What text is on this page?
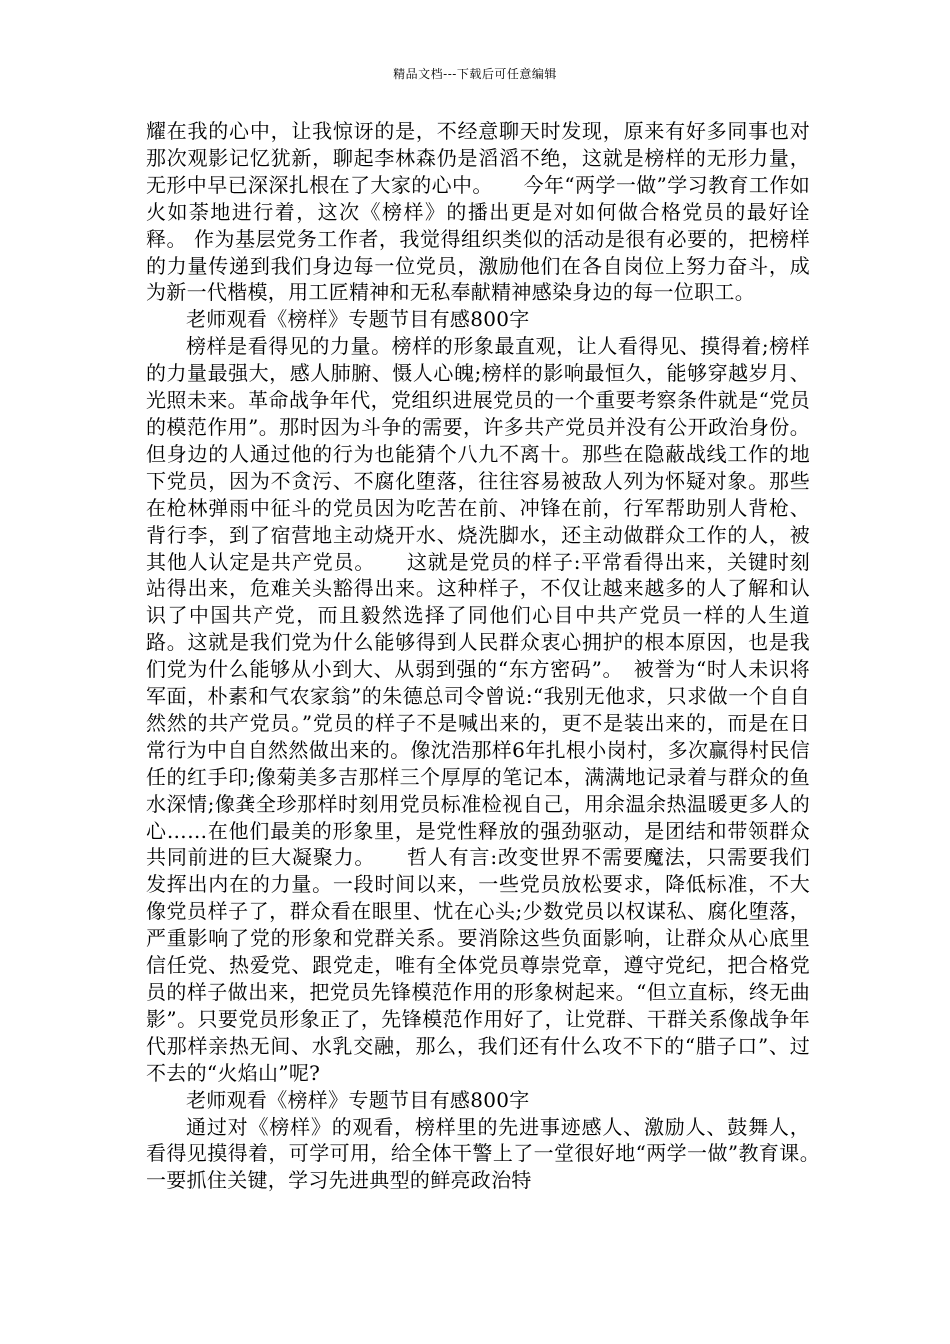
精品文档---下载后可任意编辑

耀在我的心中，让我惊讶的是，不经意聊天时发现，原来有好多同事也对那次观影记忆犹新，聊起李林森仍是滔滔不绝，这就是榜样的无形力量，无形中早已深深扎根在了大家的心中。　　今年“两学一做”学习教育工作如火如荼地进行着，这次《榜样》的播出更是对如何做合格党员的最好诠释。 作为基层党务工作者，我觉得组织类似的活动是很有必要的，把榜样的力量传递到我们身边每一位党员，激励他们在各自岗位上努力奋斗，成为新一代楷模，用工匠精神和无私奉献精神感染身边的每一位职工。

老师观看《榜样》专题节目有感800字

榜样是看得见的力量。榜样的形象最直观，让人看得见、摸得着;榜样的力量最强大，感人肺腑、慑人心魄;榜样的影响最恒久，能够穿越岁月、光照未来。革命战争年代，党组织进展党员的一个重要考察条件就是“党员的模范作用”。那时因为斗争的需要，许多共产党员并没有公开政治身份。但身边的人通过他的行为也能猜个八九不离十。那些在隐蔽战线工作的地下党员，因为不贪污、不腐化堕落，往往容易被敌人列为怀疑对象。那些在枪林弹雨中征斗的党员因为吃苦在前、冲锋在前，行军帮助别人背枪、背行李，到了宿营地主动烧开水、烧洗脚水，还主动做群众工作的人，被其他人认定是共产党员。　　这就是党员的样子:平常看得出来，关键时刻站得出来，危难关头豁得出来。这种样子，不仅让越来越多的人了解和认识了中国共产党，而且毅然选择了同他们心目中共产党员一样的人生道路。这就是我们党为什么能够得到人民群众衷心拥护的根本原因，也是我们党为什么能够从小到大、从弱到强的“东方密码”。　被誉为“时人未识将军面，朴素和气农家翁”的朱德总司令曾说:“我别无他求，只求做一个自自然然的共产党员。”党员的样子不是喊出来的，更不是装出来的，而是在日常行为中自自然然做出来的。像沈浩那样6年扎根小岗村，多次赢得村民信任的红手印;像菊美多吉那样三个厚厚的笔记本，满满地记录着与群众的鱼水深情;像龚全珍那样时刻用党员标准检视自己，用余温余热温暖更多人的心……在他们最美的形象里，是党性释放的强劲驱动，是团结和带领群众共同前进的巨大凝聚力。　　哲人有言:改变世界不需要魔法，只需要我们发挥出内在的力量。一段时间以来，一些党员放松要求，降低标准，不大像党员样子了，群众看在眼里、忧在心头;少数党员以权谋私、腐化堕落，严重影响了党的形象和党群关系。要消除这些负面影响，让群众从心底里信任党、热爱党、跟党走，唯有全体党员尊崇党章，遵守党纪，把合格党员的样子做出来，把党员先锋模范作用的形象树起来。“但立直标，终无曲影”。只要党员形象正了，先锋模范作用好了，让党群、干群关系像战争年代那样亲热无间、水乳交融，那么，我们还有什么攻不下的“腊子口”、过不去的“火焰山”呢?

老师观看《榜样》专题节目有感800字

通过对《榜样》的观看，榜样里的先进事迹感人、激励人、鼓舞人，看得见摸得着，可学可用，给全体干警上了一堂很好地“两学一做”教育课。　　一要抓住关键，学习先进典型的鲜亮政治特
